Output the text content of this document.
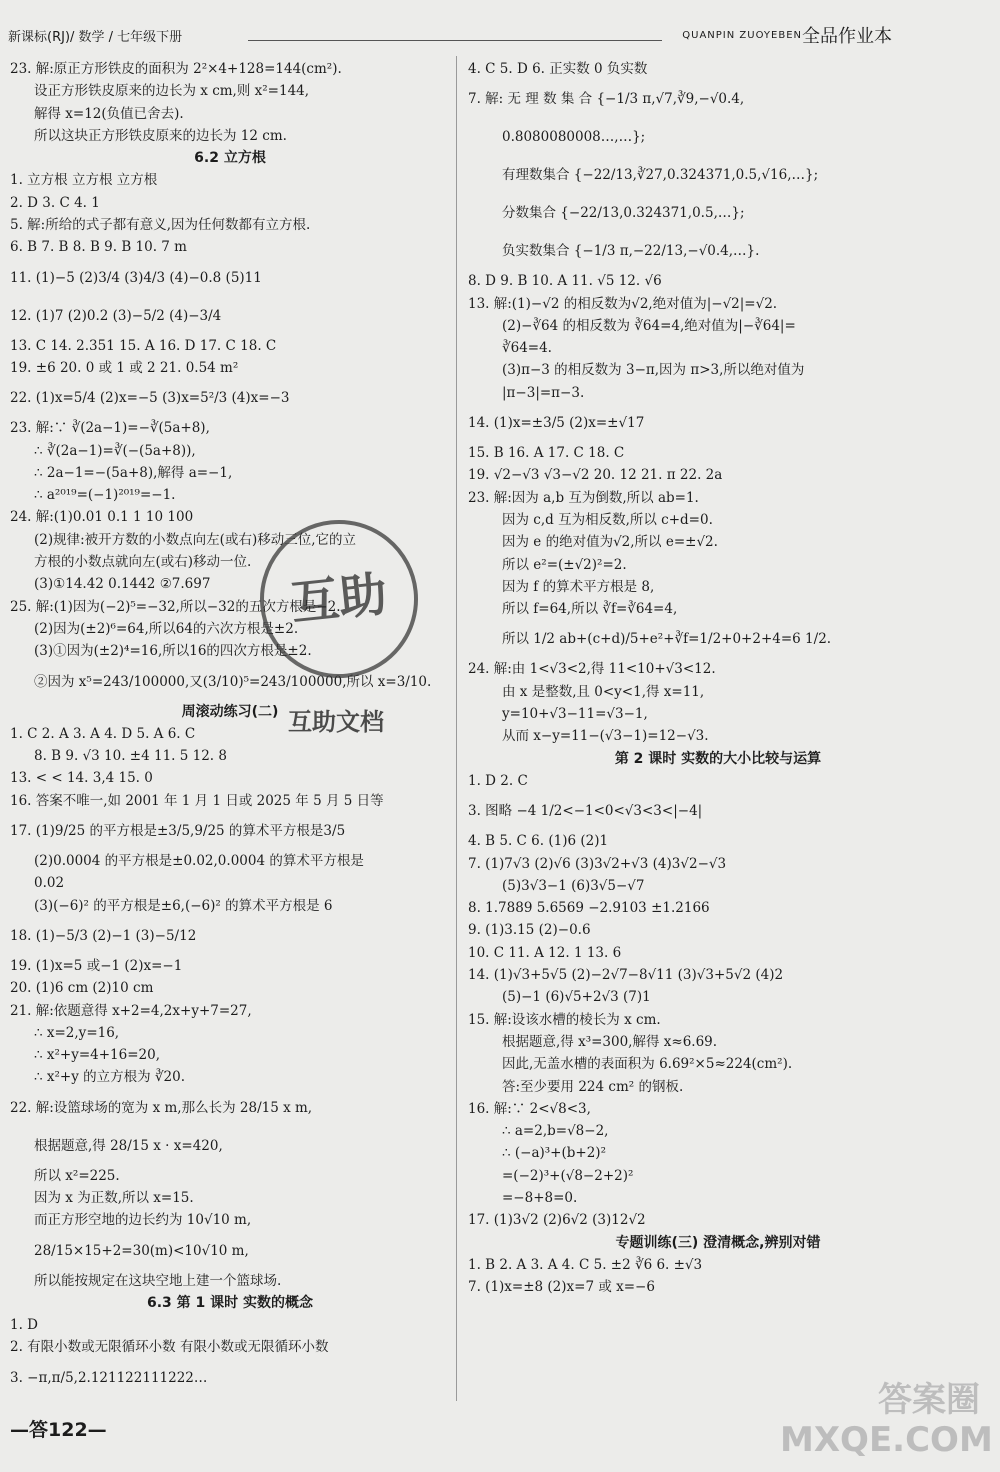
新课标(RJ)/ 数学 / 七年级下册	QUANPIN ZUOYEBEN 全品作业本
23. 解:原正方形铁皮的面积为 2²×4+128=144(cm²).
设正方形铁皮原来的边长为 x cm,则 x²=144,
解得 x=12(负值已舍去).
所以这块正方形铁皮原来的边长为 12 cm.
6.2 立方根
1. 立方根 立方根 立方根
2. D 3. C 4. 1
5. 解:所给的式子都有意义,因为任何数都有立方根.
6. B 7. B 8. B 9. B 10. 7 m
11. (1)−5 (2)3/4 (3)4/3 (4)−0.8 (5)11
12. (1)7 (2)0.2 (3)−5/2 (4)−3/4
13. C 14. 2.351 15. A 16. D 17. C 18. C
19. ±6 20. 0 或 1 或 2 21. 0.54 m²
22. (1)x=5/4 (2)x=−5 (3)x=5²/3 (4)x=−3
23. 解:∵ ∛(2a−1)=−∛(5a+8),
∴ ∛(2a−1)=∛(−(5a+8)),
∴ 2a−1=−(5a+8),解得 a=−1,
∴ a²⁰¹⁹=(−1)²⁰¹⁹=−1.
24. 解:(1)0.01 0.1 1 10 100
(2)规律:被开方数的小数点向左(或右)移动三位,它的立
方根的小数点就向左(或右)移动一位.
(3)①14.42 0.1442 ②7.697
25. 解:(1)因为(−2)⁵=−32,所以−32的五次方根是−2.
(2)因为(±2)⁶=64,所以64的六次方根是±2.
(3)①因为(±2)⁴=16,所以16的四次方根是±2.
②因为 x⁵=243/100000,又(3/10)⁵=243/100000,所以 x=3/10.
周滚动练习(二)
1. C 2. A 3. A 4. D 5. A 6. C
8. B 9. √3 10. ±4 11. 5 12. 8
13. < < 14. 3,4 15. 0
16. 答案不唯一,如 2001 年 1 月 1 日或 2025 年 5 月 5 日等
17. (1)9/25 的平方根是±3/5,9/25 的算术平方根是3/5
(2)0.0004 的平方根是±0.02,0.0004 的算术平方根是
0.02
(3)(−6)² 的平方根是±6,(−6)² 的算术平方根是 6
18. (1)−5/3 (2)−1 (3)−5/12
19. (1)x=5 或−1 (2)x=−1
20. (1)6 cm (2)10 cm
21. 解:依题意得 x+2=4,2x+y+7=27,
∴ x=2,y=16,
∴ x²+y=4+16=20,
∴ x²+y 的立方根为 ∛20.
22. 解:设篮球场的宽为 x m,那么长为 28/15 x m,
根据题意,得 28/15 x · x=420,
所以 x²=225.
因为 x 为正数,所以 x=15.
而正方形空地的边长约为 10√10 m,
28/15×15+2=30(m)<10√10 m,
所以能按规定在这块空地上建一个篮球场.
6.3 第 1 课时 实数的概念
1. D
2. 有限小数或无限循环小数 有限小数或无限循环小数
3. −π,π/5,2.121122111222…
4. C 5. D 6. 正实数 0 负实数
7. 解: 无 理 数 集 合 {−1/3 π,√7,∛9,−√0.4,
0.8080080008…,…};
有理数集合 {−22/13,∛27,0.324371,0.5,√16,…};
分数集合 {−22/13,0.324371,0.5,…};
负实数集合 {−1/3 π,−22/13,−√0.4,…}.
8. D 9. B 10. A 11. √5 12. √6
13. 解:(1)−√2 的相反数为√2,绝对值为|−√2|=√2.
(2)−∛64 的相反数为 ∛64=4,绝对值为|−∛64|=
∛64=4.
(3)π−3 的相反数为 3−π,因为 π>3,所以绝对值为
|π−3|=π−3.
14. (1)x=±3/5 (2)x=±√17
15. B 16. A 17. C 18. C
19. √2−√3 √3−√2 20. 12 21. π 22. 2a
23. 解:因为 a,b 互为倒数,所以 ab=1.
因为 c,d 互为相反数,所以 c+d=0.
因为 e 的绝对值为√2,所以 e=±√2.
所以 e²=(±√2)²=2.
因为 f 的算术平方根是 8,
所以 f=64,所以 ∛f=∛64=4,
所以 1/2 ab+(c+d)/5+e²+∛f=1/2+0+2+4=6 1/2.
24. 解:由 1<√3<2,得 11<10+√3<12.
由 x 是整数,且 0<y<1,得 x=11,
y=10+√3−11=√3−1,
从而 x−y=11−(√3−1)=12−√3.
第 2 课时 实数的大小比较与运算
1. D 2. C
3. 图略 −4 1/2<−1<0<√3<3<|−4|
4. B 5. C 6. (1)6 (2)1
7. (1)7√3 (2)√6 (3)3√2+√3 (4)3√2−√3
(5)3√3−1 (6)3√5−√7
8. 1.7889 5.6569 −2.9103 ±1.2166
9. (1)3.15 (2)−0.6
10. C 11. A 12. 1 13. 6
14. (1)√3+5√5 (2)−2√7−8√11 (3)√3+5√2 (4)2
(5)−1 (6)√5+2√3 (7)1
15. 解:设该水槽的棱长为 x cm.
根据题意,得 x³=300,解得 x≈6.69.
因此,无盖水槽的表面积为 6.69²×5≈224(cm²).
答:至少要用 224 cm² 的钢板.
16. 解:∵ 2<√8<3,
∴ a=2,b=√8−2,
∴ (−a)³+(b+2)²
=(−2)³+(√8−2+2)²
=−8+8=0.
17. (1)3√2 (2)6√2 (3)12√2
专题训练(三) 澄清概念,辨别对错
1. B 2. A 3. A 4. C 5. ±2 ∛6 6. ±√3
7. (1)x=±8 (2)x=7 或 x=−6
互助
互助文档
—答122—
答案圈
MXQE.COM
